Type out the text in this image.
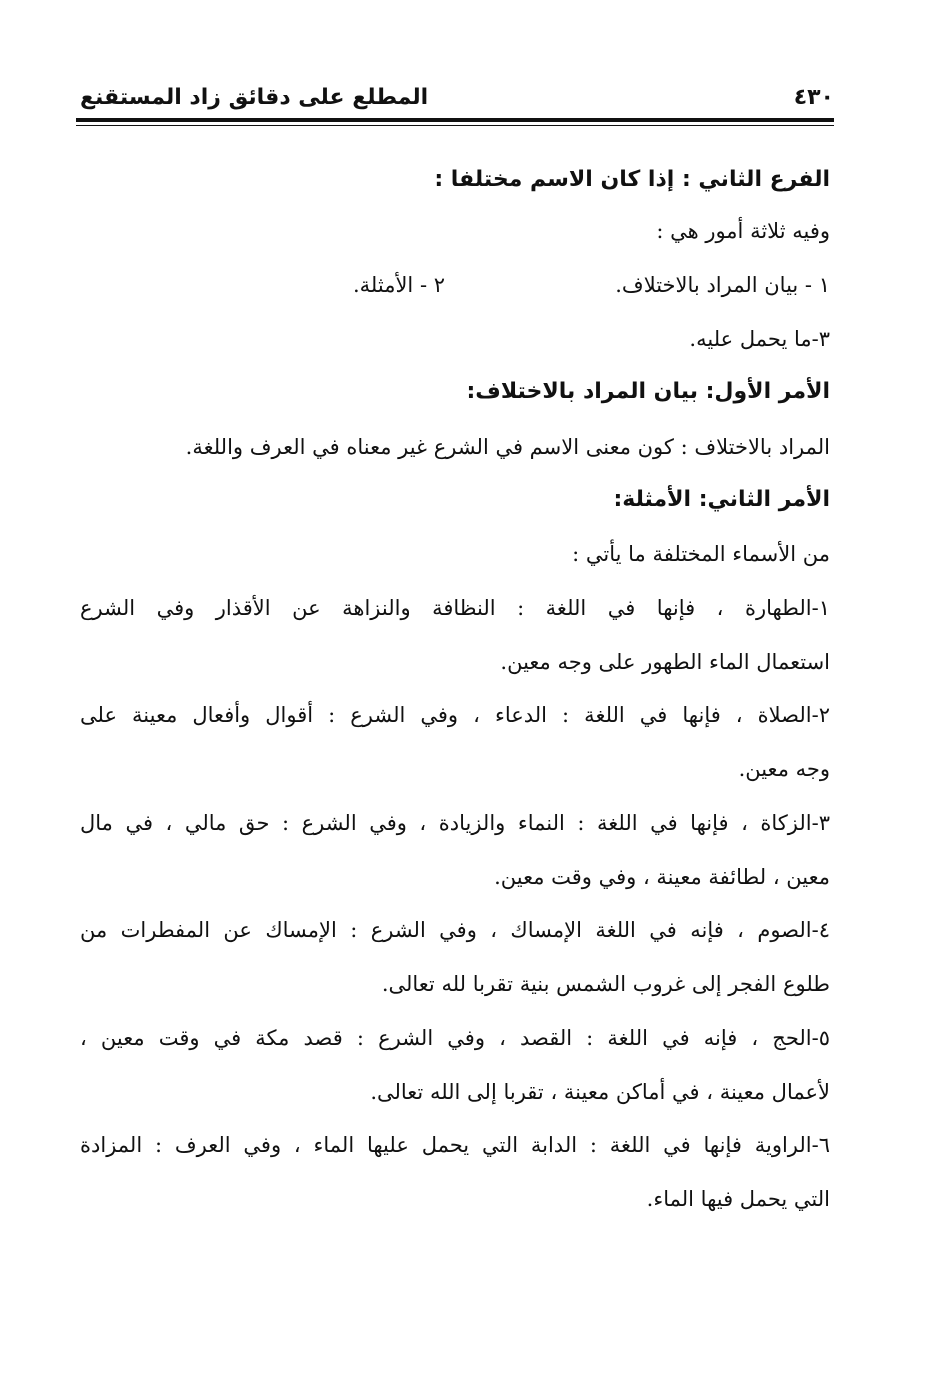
المطلع على دقائق زاد المستقنع	٤٣٠
الفرع الثاني : إذا كان الاسم مختلفا :
وفيه ثلاثة أمور هي :
١ - بيان المراد بالاختلاف.
٢ - الأمثلة.
٣-ما يحمل عليه.
الأمر الأول: بيان المراد بالاختلاف:
المراد بالاختلاف : كون معنى الاسم في الشرع غير معناه في العرف واللغة.
الأمر الثاني: الأمثلة:
من الأسماء المختلفة ما يأتي :
١-الطهارة ، فإنها في اللغة : النظافة والنزاهة عن الأقذار وفي الشرع
استعمال الماء الطهور على وجه معين.
٢-الصلاة ، فإنها في اللغة : الدعاء ، وفي الشرع : أقوال وأفعال معينة على
وجه معين.
٣-الزكاة ، فإنها في اللغة : النماء والزيادة ، وفي الشرع : حق مالي ، في مال
معين ، لطائفة معينة ، وفي وقت معين.
٤-الصوم ، فإنه في اللغة الإمساك ، وفي الشرع : الإمساك عن المفطرات من
طلوع الفجر إلى غروب الشمس بنية تقربا لله تعالى.
٥-الحج ، فإنه في اللغة : القصد ، وفي الشرع : قصد مكة في وقت معين ،
لأعمال معينة ، في أماكن معينة ، تقربا إلى الله تعالى.
٦-الراوية فإنها في اللغة : الدابة التي يحمل عليها الماء ، وفي العرف : المزادة
التي يحمل فيها الماء.
